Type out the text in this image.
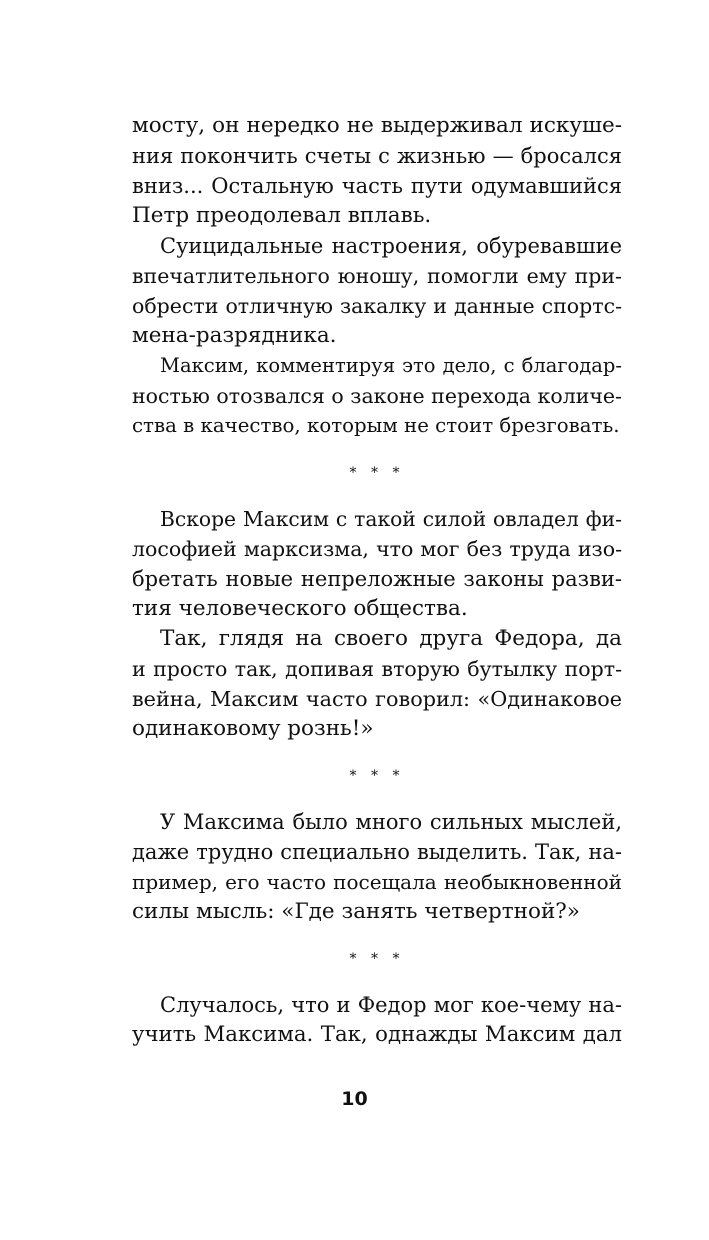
мосту, он нередко не выдерживал искуше-
ния покончить счеты с жизнью — бросался
вниз... Остальную часть пути одумавшийся
Петр преодолевал вплавь.
Суицидальные настроения, обуревавшие
впечатлительного юношу, помогли ему при-
обрести отличную закалку и данные спортс-
мена-разрядника.
Максим, комментируя это дело, с благодар-
ностью отозвался о законе перехода количе-
ства в качество, которым не стоит брезговать.
* * *
Вскоре Максим с такой силой овладел фи-
лософией марксизма, что мог без труда изо-
бретать новые непреложные законы разви-
тия человеческого общества.
Так, глядя на своего друга Федора, да
и просто так, допивая вторую бутылку порт-
вейна, Максим часто говорил: «Одинаковое
одинаковому рознь!»
* * *
У Максима было много сильных мыслей,
даже трудно специально выделить. Так, на-
пример, его часто посещала необыкновенной
силы мысль: «Где занять четвертной?»
* * *
Случалось, что и Федор мог кое-чему на-
учить Максима. Так, однажды Максим дал
10
